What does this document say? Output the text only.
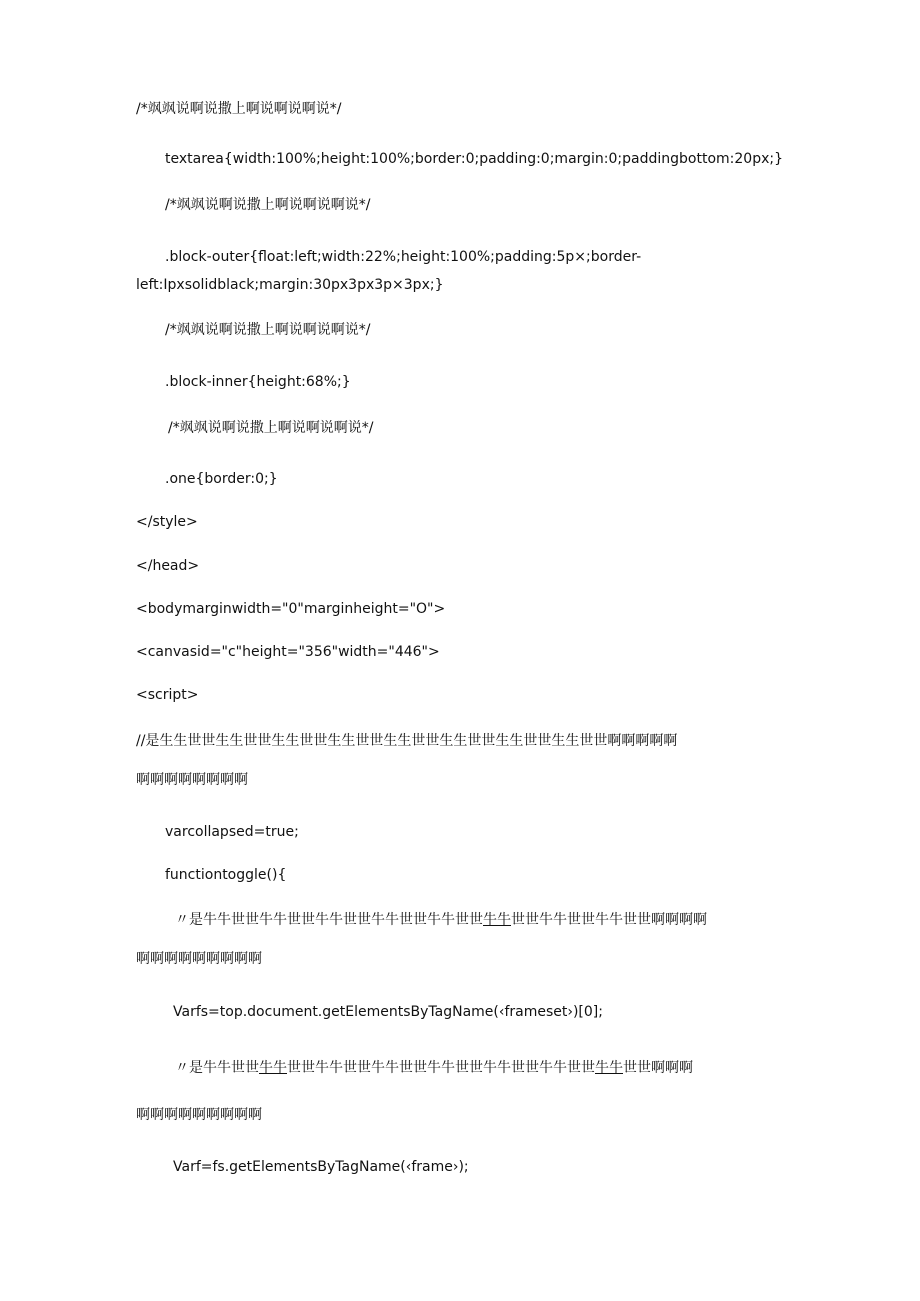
/*飒飒说啊说撒上啊说啊说啊说*/
textarea{width:100%;height:100%;border:0;padding:0;margin:0;paddingbottom:20px;}
/*飒飒说啊说撒上啊说啊说啊说*/
.block-outer{float:left;width:22%;height:100%;padding:5p×;border-
left:Ipxsolidblack;margin:30px3px3p×3px;}
/*飒飒说啊说撒上啊说啊说啊说*/
.block-inner{height:68%;}
/*飒飒说啊说撒上啊说啊说啊说*/
.one{border:0;}
</style>
</head>
<bodymarginwidth="0"marginheight="O">
<canvasid="c"height="356"width="446">
<script>
//是生生世世生生世世生生世世生生世世生生世世生生世世生生世世生生世世啊啊啊啊啊
啊啊啊啊啊啊啊啊
varcollapsed=true;
functiontoggle(){
〃是牛牛世世牛牛世世牛牛世世牛牛世世牛牛世世牛牛世世牛牛世世牛牛世世啊啊啊啊
啊啊啊啊啊啊啊啊啊
Varfs=top.document.getElementsByTagName(‹frameset›)[0];
〃是牛牛世世牛牛世世牛牛世世牛牛世世牛牛世世牛牛世世牛牛世世牛牛世世啊啊啊
啊啊啊啊啊啊啊啊啊
Varf=fs.getElementsByTagName(‹frame›);
